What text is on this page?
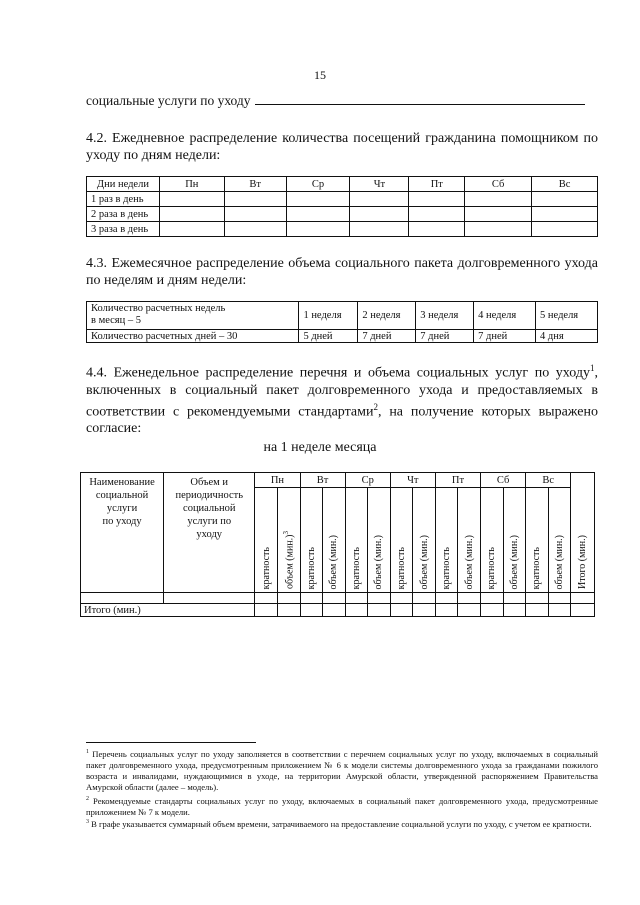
15
социальные услуги по уходу
4.2. Ежедневное распределение количества посещений гражданина помощником по уходу по дням недели:
Дни недели	Пн	Вт	Ср	Чт	Пт	Сб	Вс
1 раз в день							
2 раза в день							
3 раза в день							
4.3. Ежемесячное распределение объема социального пакета долговременного ухода по неделям и дням недели:
Количество расчетных недель
в месяц – 5	1 неделя	2 неделя	3 неделя	4 неделя	5 неделя
Количество расчетных дней – 30	5 дней	7 дней	7 дней	7 дней	4 дня
4.4. Еженедельное распределение перечня и объема социальных услуг по уходу$^1$, включенных в социальный пакет долговременного ухода и предоставляемых в соответствии с рекомендуемыми стандартами$^2$, на получение которых выражено согласие:
на 1 неделе месяца
Наименование
социальной
услуги
по уходу	Объем и
периодичность
социальной
услуги по
уходу	Пн		Вт		Ср		Чт		Пт		Сб		Вс		Итого (мин.)
		кратность	объем $(мин.)^3$	кратность	объем (мин.)	кратность	объем (мин.)	кратность	объем (мин.)	кратность	объем (мин.)	кратность	объем (мин.)	кратность	объем (мин.)	

Итого (мин.)																
$^1$ Перечень социальных услуг по уходу заполняется в соответствии с перечнем социальных услуг по уходу, включаемых в социальный пакет долговременного ухода, предусмотренным приложением № 6 к модели системы долговременного ухода за гражданами пожилого возраста и инвалидами, нуждающимися в уходе, на территории Амурской области, утвержденной распоряжением Правительства Амурской области (далее – модель).
$^2$ Рекомендуемые стандарты социальных услуг по уходу, включаемых в социальный пакет долговременного ухода, предусмотренные приложением № 7 к модели.
$^3$ В графе указывается суммарный объем времени, затрачиваемого на предоставление социальной услуги по уходу, с учетом ее кратности.
